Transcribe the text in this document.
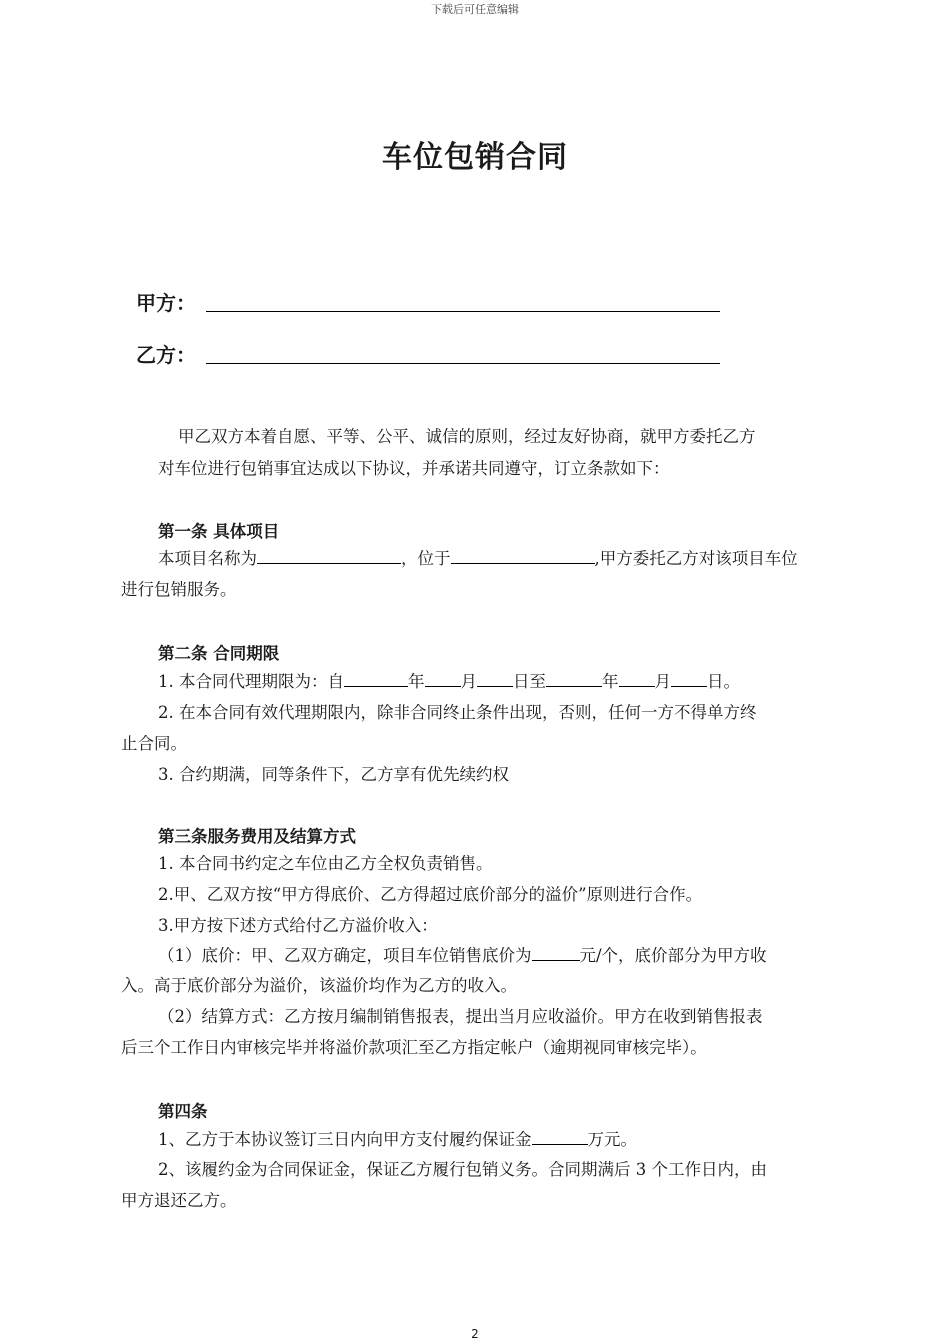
下载后可任意编辑
车位包销合同
甲方：
乙方：
甲乙双方本着自愿、平等、公平、诚信的原则，经过友好协商，就甲方委托乙方
对车位进行包销事宜达成以下协议，并承诺共同遵守，订立条款如下：
第一条 具体项目
本项目名称为	，位于	,甲方委托乙方对该项目车位
进行包销服务。
第二条 合同期限
1. 本合同代理期限为：自	年 月 日至	年 月 日。
2. 在本合同有效代理期限内，除非合同终止条件出现，否则，任何一方不得单方终
止合同。
3. 合约期满，同等条件下，乙方享有优先续约权
第三条服务费用及结算方式
1. 本合同书约定之车位由乙方全权负责销售。
2.甲、乙双方按“甲方得底价、乙方得超过底价部分的溢价”原则进行合作。
3.甲方按下述方式给付乙方溢价收入：
（1）底价：甲、乙双方确定，项目车位销售底价为	元/个，底价部分为甲方收
入。高于底价部分为溢价，该溢价均作为乙方的收入。
（2）结算方式：乙方按月编制销售报表，提出当月应收溢价。甲方在收到销售报表
后三个工作日内审核完毕并将溢价款项汇至乙方指定帐户（逾期视同审核完毕）。
第四条
1、乙方于本协议签订三日内向甲方支付履约保证金	万元。
2、该履约金为合同保证金，保证乙方履行包销义务。合同期满后 3 个工作日内，由
甲方退还乙方。
2
